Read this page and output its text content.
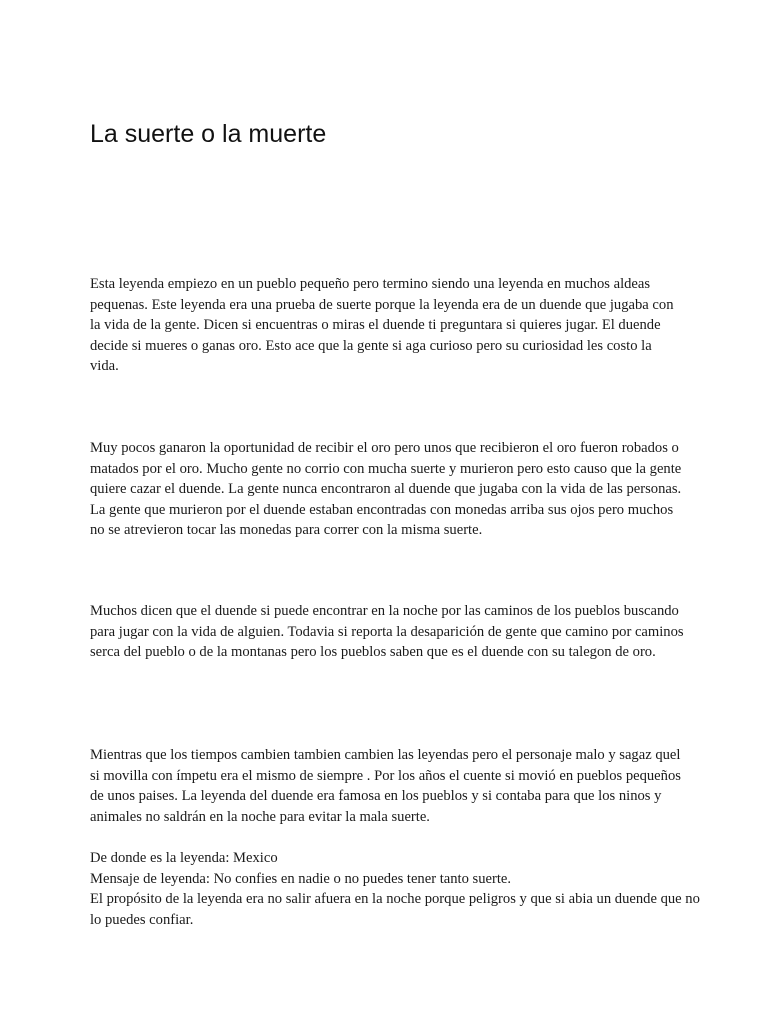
La suerte o la muerte

Esta leyenda empiezo en un pueblo pequeño pero termino siendo una leyenda en muchos aldeas pequenas. Este leyenda era una prueba de suerte porque la leyenda era de un duende que jugaba con la vida de la gente. Dicen si encuentras o miras el duende ti preguntara si quieres jugar. El duende decide si mueres o ganas oro. Esto ace que la gente si aga curioso pero su curiosidad les costo la vida.

Muy pocos ganaron la oportunidad de recibir el oro pero unos que recibieron el oro fueron robados o matados por el oro. Mucho gente no corrio con mucha suerte y murieron pero esto causo que la gente quiere cazar el duende. La gente nunca encontraron al duende que jugaba con la vida de las personas. La gente que murieron por el duende estaban encontradas con monedas arriba sus ojos pero muchos no se atrevieron tocar las monedas para correr con la misma suerte.

Muchos dicen que el duende si puede encontrar en la noche por las caminos de los pueblos buscando para jugar con la vida de alguien. Todavia si reporta la desaparición de gente que camino por caminos serca del pueblo o de la montanas pero los pueblos saben que es el duende con su talegon de oro.

Mientras que los tiempos cambien tambien cambien las leyendas pero el personaje malo y sagaz quel si movilla con ímpetu era el mismo de siempre . Por los años el cuente si movió en pueblos pequeños de unos paises. La leyenda del duende era famosa en los pueblos y si contaba para que los ninos y animales no saldrán en la noche para evitar la mala suerte.

De donde es la leyenda: Mexico
Mensaje de leyenda: No confies en nadie o no puedes tener tanto suerte.
El propósito de la leyenda era no salir afuera en la noche porque peligros y que si abia un duende que no lo puedes confiar.
